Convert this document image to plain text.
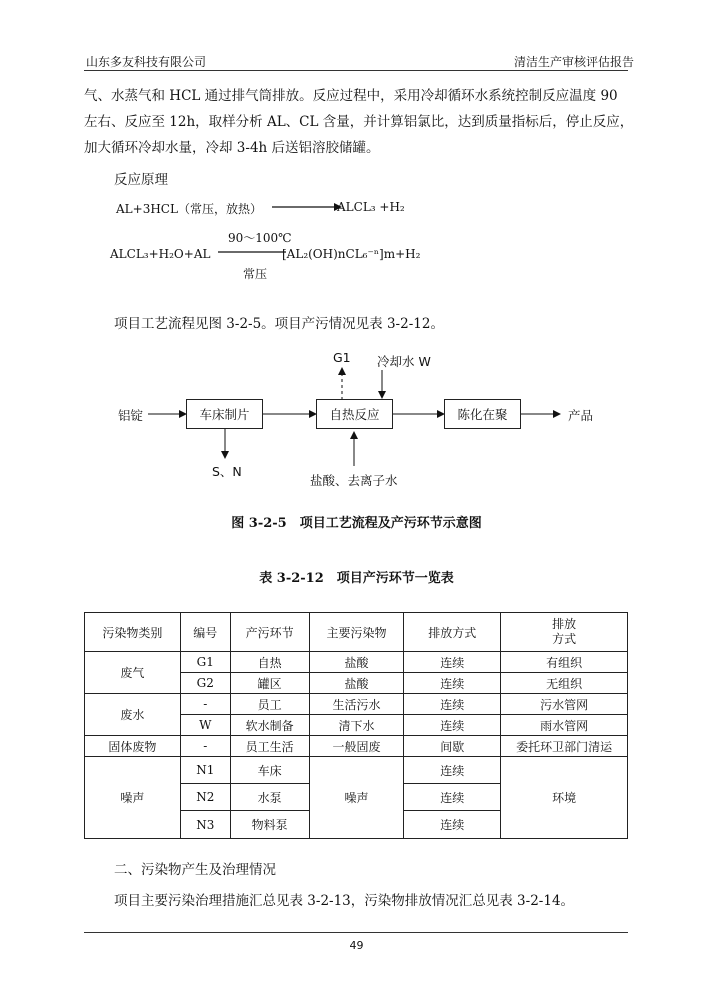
山东多友科技有限公司	清洁生产审核评估报告
气、水蒸气和 HCL 通过排气筒排放。反应过程中，采用冷却循环水系统控制反应温度 90
左右、反应至 12h，取样分析 AL、CL 含量，并计算铝氯比，达到质量指标后，停止反应，
加大循环冷却水量，冷却 3-4h 后送铝溶胶储罐。
反应原理
AL+3HCL（常压，放热）	ALCL₃ +H₂
90～100℃
ALCL₃+H₂O+AL	[AL₂(OH)nCL₆⁻ⁿ]m+H₂
常压
项目工艺流程见图 3-2-5。项目产污情况见表 3-2-12。
铝锭	车床制片	自热反应	陈化在聚	产品
G1 冷却水 W
S、N
盐酸、去离子水
图 3-2-5　项目工艺流程及产污环节示意图
表 3-2-12　项目产污环节一览表
污染物类别	编号	产污环节	主要污染物	排放方式	排放
方式
废气	G1	自热	盐酸	连续	有组织
	G2	罐区	盐酸	连续	无组织
废水	-	员工	生活污水	连续	污水管网
	W	软水制备	清下水	连续	雨水管网
固体废物	-	员工生活	一般固废	间歇	委托环卫部门清运
噪声	N1	车床	噪声	连续	环境
	N2	水泵		连续	
	N3	物料泵		连续	
二、污染物产生及治理情况
项目主要污染治理措施汇总见表 3-2-13，污染物排放情况汇总见表 3-2-14。
49
